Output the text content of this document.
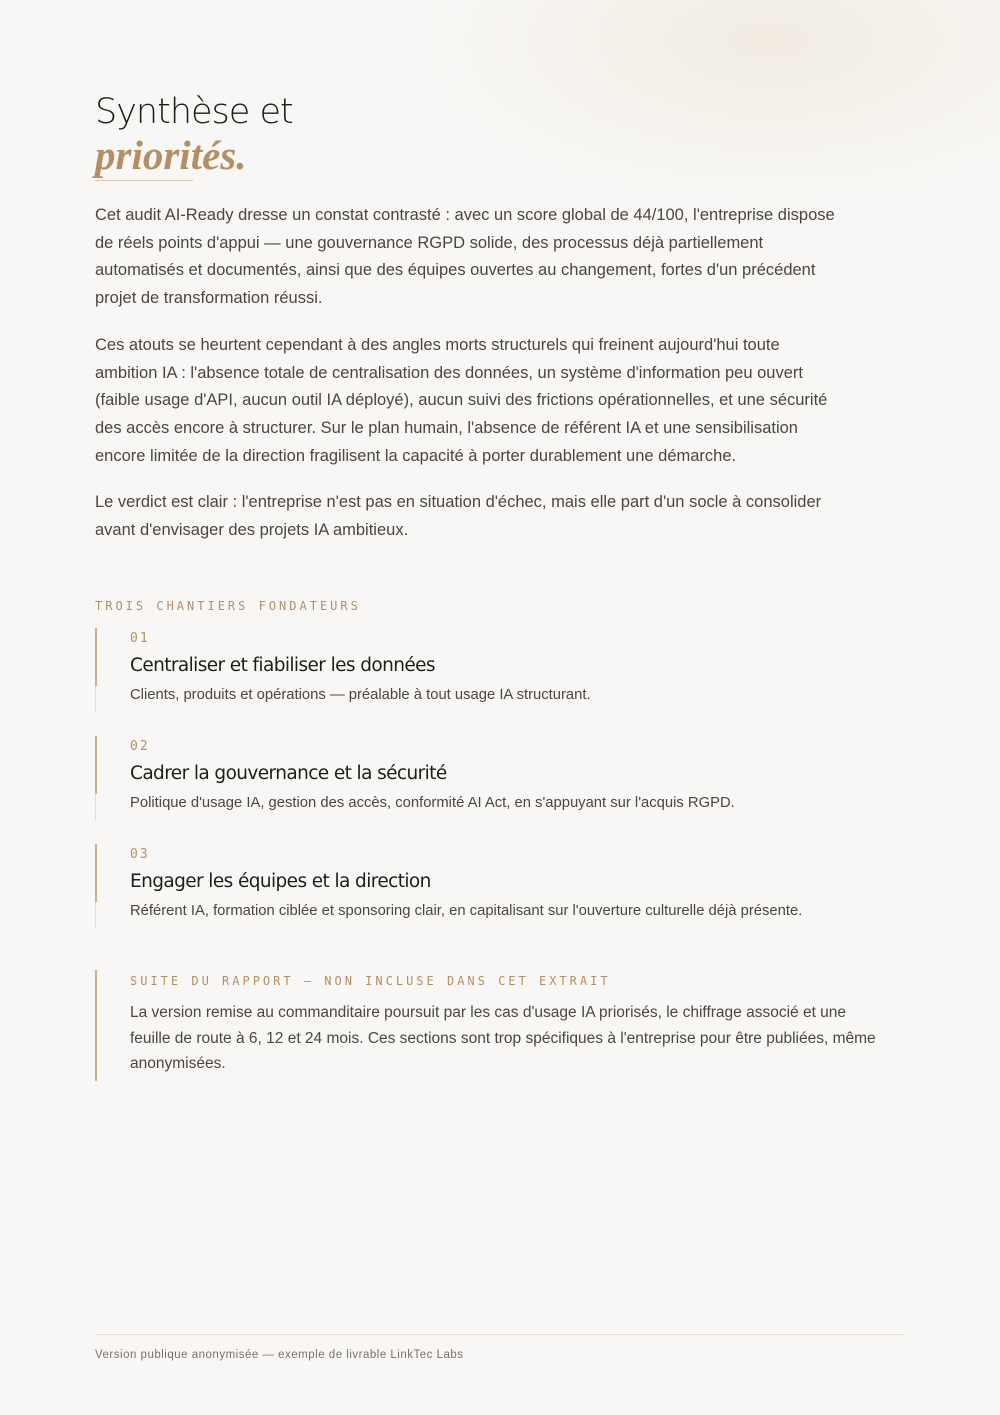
Synthèse et
priorités.

Cet audit AI-Ready dresse un constat contrasté : avec un score global de 44/100, l'entreprise dispose de réels points d'appui — une gouvernance RGPD solide, des processus déjà partiellement automatisés et documentés, ainsi que des équipes ouvertes au changement, fortes d'un précédent projet de transformation réussi.

Ces atouts se heurtent cependant à des angles morts structurels qui freinent aujourd'hui toute ambition IA : l'absence totale de centralisation des données, un système d'information peu ouvert (faible usage d'API, aucun outil IA déployé), aucun suivi des frictions opérationnelles, et une sécurité des accès encore à structurer. Sur le plan humain, l'absence de référent IA et une sensibilisation encore limitée de la direction fragilisent la capacité à porter durablement une démarche.

Le verdict est clair : l'entreprise n'est pas en situation d'échec, mais elle part d'un socle à consolider avant d'envisager des projets IA ambitieux.

TROIS CHANTIERS FONDATEURS
01
Centraliser et fiabiliser les données
Clients, produits et opérations — préalable à tout usage IA structurant.
02
Cadrer la gouvernance et la sécurité
Politique d'usage IA, gestion des accès, conformité AI Act, en s'appuyant sur l'acquis RGPD.
03
Engager les équipes et la direction
Référent IA, formation ciblée et sponsoring clair, en capitalisant sur l'ouverture culturelle déjà présente.
SUITE DU RAPPORT — NON INCLUSE DANS CET EXTRAIT
La version remise au commanditaire poursuit par les cas d'usage IA priorisés, le chiffrage associé et une feuille de route à 6, 12 et 24 mois. Ces sections sont trop spécifiques à l'entreprise pour être publiées, même anonymisées.
Version publique anonymisée — exemple de livrable LinkTec Labs
